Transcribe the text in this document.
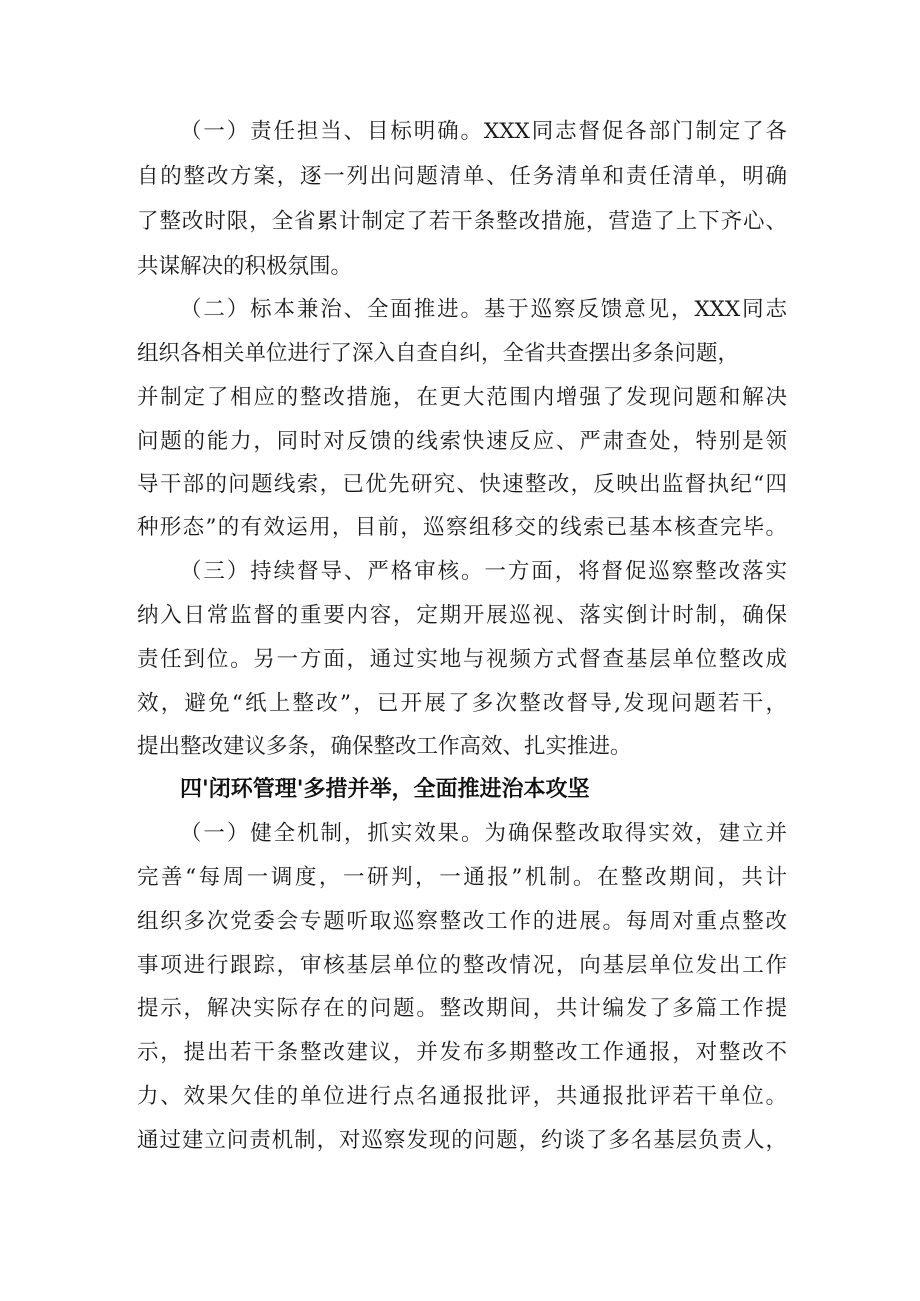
（一）责任担当、目标明确。XXX同志督促各部门制定了各
自的整改方案，逐一列出问题清单、任务清单和责任清单，明确
了整改时限，全省累计制定了若干条整改措施，营造了上下齐心、
共谋解决的积极氛围。
（二）标本兼治、全面推进。基于巡察反馈意见，XXX同志
组织各相关单位进行了深入自查自纠，全省共查摆出多条问题，
并制定了相应的整改措施，在更大范围内增强了发现问题和解决
问题的能力，同时对反馈的线索快速反应、严肃查处，特别是领
导干部的问题线索，已优先研究、快速整改，反映出监督执纪“四
种形态”的有效运用，目前，巡察组移交的线索已基本核查完毕。
（三）持续督导、严格审核。一方面，将督促巡察整改落实
纳入日常监督的重要内容，定期开展巡视、落实倒计时制，确保
责任到位。另一方面，通过实地与视频方式督查基层单位整改成
效，避免“纸上整改”，已开展了多次整改督导,发现问题若干，
提出整改建议多条，确保整改工作高效、扎实推进。
四'闭环管理'多措并举，全面推进治本攻坚
（一）健全机制，抓实效果。为确保整改取得实效，建立并
完善“每周一调度，一研判，一通报”机制。在整改期间，共计
组织多次党委会专题听取巡察整改工作的进展。每周对重点整改
事项进行跟踪，审核基层单位的整改情况，向基层单位发出工作
提示，解决实际存在的问题。整改期间，共计编发了多篇工作提
示，提出若干条整改建议，并发布多期整改工作通报，对整改不
力、效果欠佳的单位进行点名通报批评，共通报批评若干单位。
通过建立问责机制，对巡察发现的问题，约谈了多名基层负责人，
